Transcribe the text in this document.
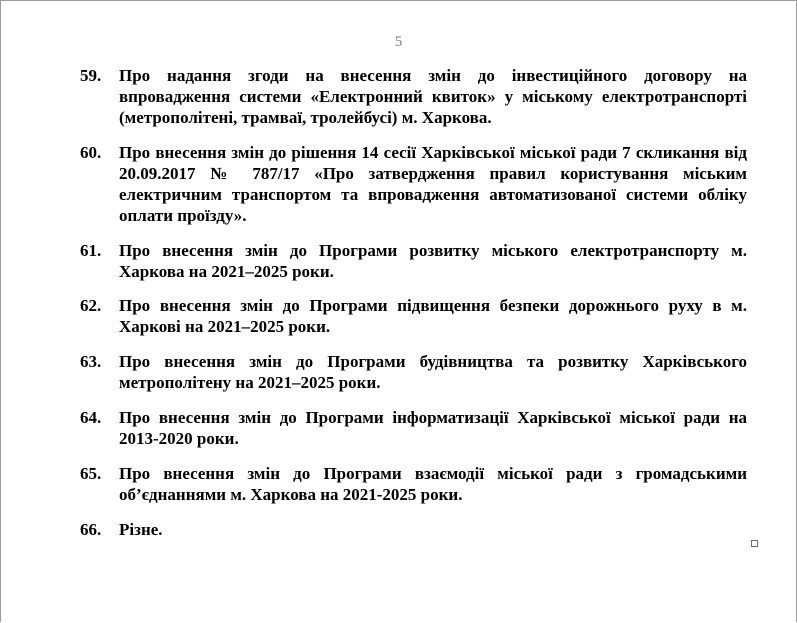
5
59.	Про надання згоди на внесення змін до інвестиційного договору на впровадження системи «Електронний квиток» у міському електротранспорті (метрополітені, трамваї, тролейбусі) м. Харкова.
60.	Про внесення змін до рішення 14 сесії Харківської міської ради 7 скликання від 20.09.2017 № 787/17 «Про затвердження правил користування міським електричним транспортом та впровадження автоматизованої системи обліку оплати проїзду».
61.	Про внесення змін до Програми розвитку міського електротранспорту м. Харкова на 2021–2025 роки.
62.	Про внесення змін до Програми підвищення безпеки дорожнього руху в м. Харкові на 2021–2025 роки.
63.	Про внесення змін до Програми будівництва та розвитку Харківського метрополітену на 2021–2025 роки.
64.	Про внесення змін до Програми інформатизації Харківської міської ради на 2013-2020 роки.
65.	Про внесення змін до Програми взаємодії міської ради з громадськими об’єднаннями м. Харкова на 2021-2025 роки.
66.	Різне.
